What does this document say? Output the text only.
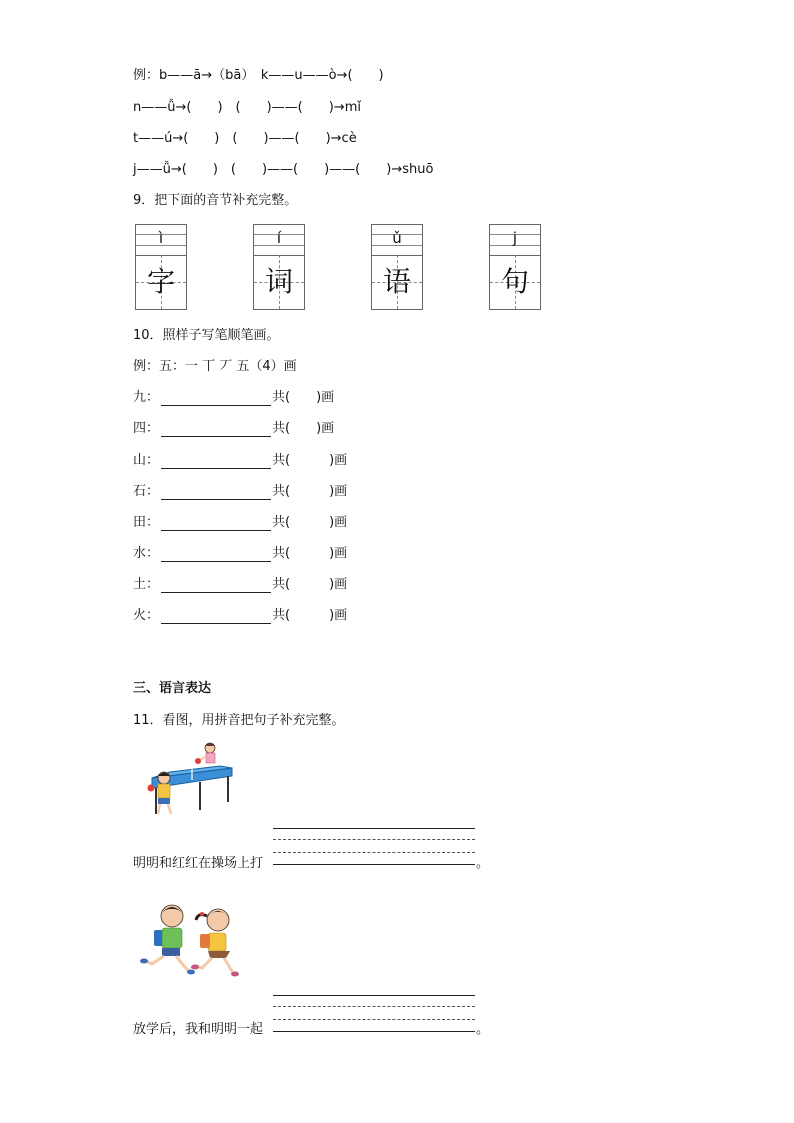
例：b——ā→（bā）　k——u——ò→(　　)
n——ǚ→(　　)　(　　)——(　　)→mǐ
t——ú→(　　)　(　　)——(　　)→cè
j——ǚ→(　　)　(　　)——(　　)——(　　)→shuō
9．把下面的音节补充完整。
ì
字
í
词
ǔ
语
j
句
10．照样子写笔顺笔画。
例：五：一 丅 丆 五（4）画
九：	共(　　)画
四：	共(　　)画
山：	共(　　　)画
石：	共(　　　)画
田：	共(　　　)画
水：	共(　　　)画
土：	共(　　　)画
火：	共(　　　)画
三、语言表达
11．看图，用拼音把句子补充完整。
明明和红红在操场上打	。
放学后，我和明明一起	。
